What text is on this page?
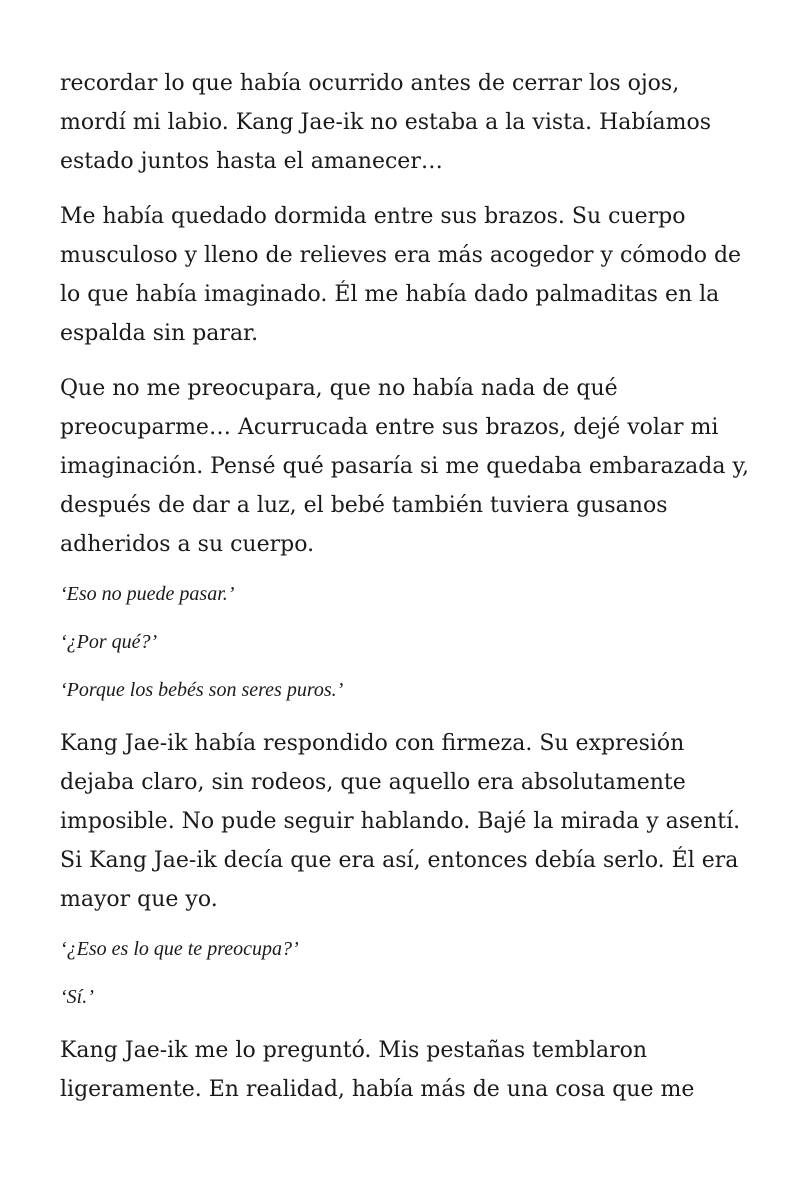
recordar lo que había ocurrido antes de cerrar los ojos, mordí mi labio. Kang Jae-ik no estaba a la vista. Habíamos estado juntos hasta el amanecer…

Me había quedado dormida entre sus brazos. Su cuerpo musculoso y lleno de relieves era más acogedor y cómodo de lo que había imaginado. Él me había dado palmaditas en la espalda sin parar.

Que no me preocupara, que no había nada de qué preocuparme… Acurrucada entre sus brazos, dejé volar mi imaginación. Pensé qué pasaría si me quedaba embarazada y, después de dar a luz, el bebé también tuviera gusanos adheridos a su cuerpo.

‘Eso no puede pasar.’

‘¿Por qué?’

‘Porque los bebés son seres puros.’

Kang Jae-ik había respondido con firmeza. Su expresión dejaba claro, sin rodeos, que aquello era absolutamente imposible. No pude seguir hablando. Bajé la mirada y asentí. Si Kang Jae-ik decía que era así, entonces debía serlo. Él era mayor que yo.

‘¿Eso es lo que te preocupa?’

‘Sí.’

Kang Jae-ik me lo preguntó. Mis pestañas temblaron ligeramente. En realidad, había más de una cosa que me
